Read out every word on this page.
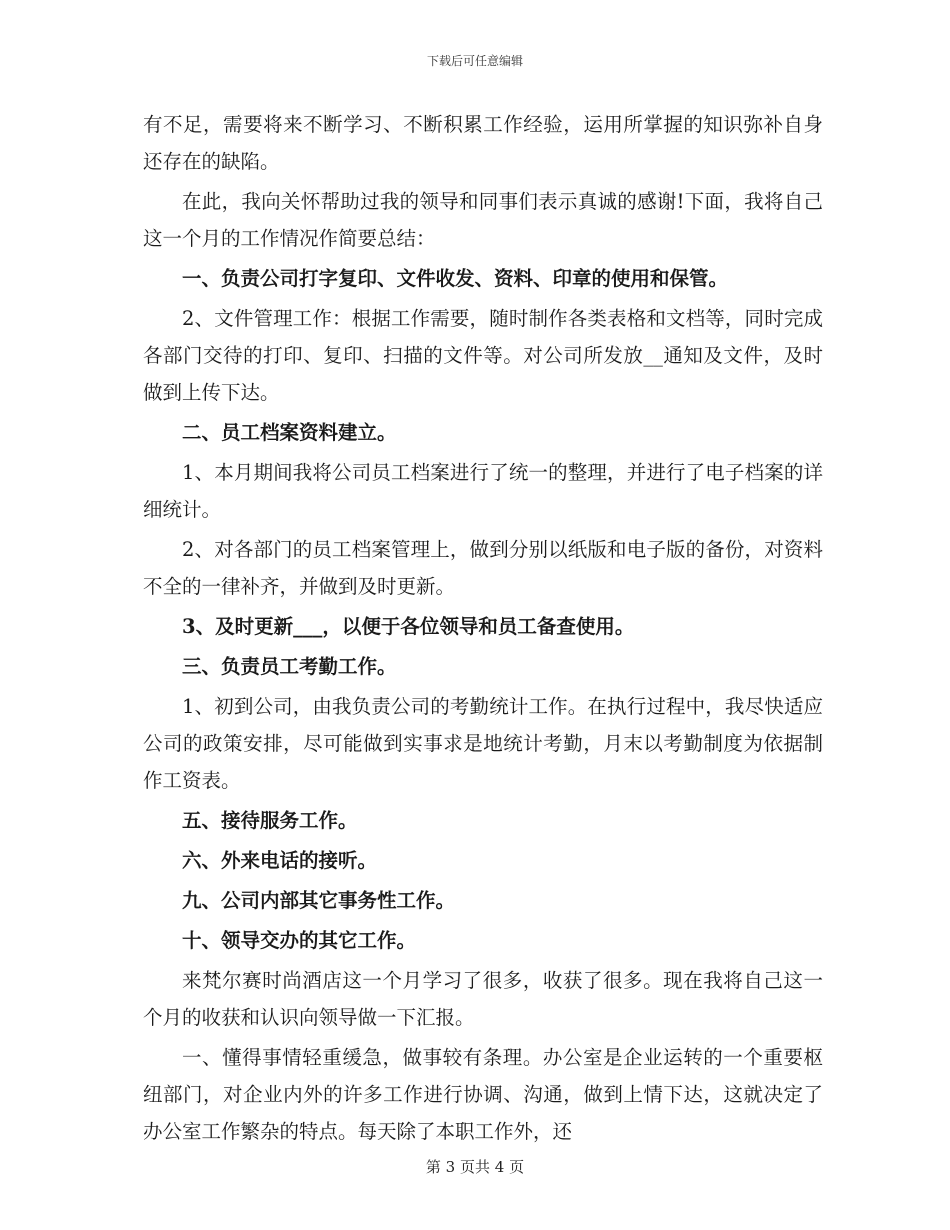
下载后可任意编辑

有不足，需要将来不断学习、不断积累工作经验，运用所掌握的知识弥补自身还存在的缺陷。

在此，我向关怀帮助过我的领导和同事们表示真诚的感谢!下面，我将自己这一个月的工作情况作简要总结：

一、负责公司打字复印、文件收发、资料、印章的使用和保管。

2、文件管理工作：根据工作需要，随时制作各类表格和文档等，同时完成各部门交待的打印、复印、扫描的文件等。对公司所发放__通知及文件，及时做到上传下达。

二、员工档案资料建立。

1、本月期间我将公司员工档案进行了统一的整理，并进行了电子档案的详细统计。

2、对各部门的员工档案管理上，做到分别以纸版和电子版的备份，对资料不全的一律补齐，并做到及时更新。

3、及时更新___，以便于各位领导和员工备查使用。

三、负责员工考勤工作。

1、初到公司，由我负责公司的考勤统计工作。在执行过程中，我尽快适应公司的政策安排，尽可能做到实事求是地统计考勤，月末以考勤制度为依据制作工资表。

五、接待服务工作。

六、外来电话的接听。

九、公司内部其它事务性工作。

十、领导交办的其它工作。

来梵尔赛时尚酒店这一个月学习了很多，收获了很多。现在我将自己这一个月的收获和认识向领导做一下汇报。

一、懂得事情轻重缓急，做事较有条理。办公室是企业运转的一个重要枢纽部门，对企业内外的许多工作进行协调、沟通，做到上情下达，这就决定了办公室工作繁杂的特点。每天除了本职工作外，还

第 3 页共 4 页
